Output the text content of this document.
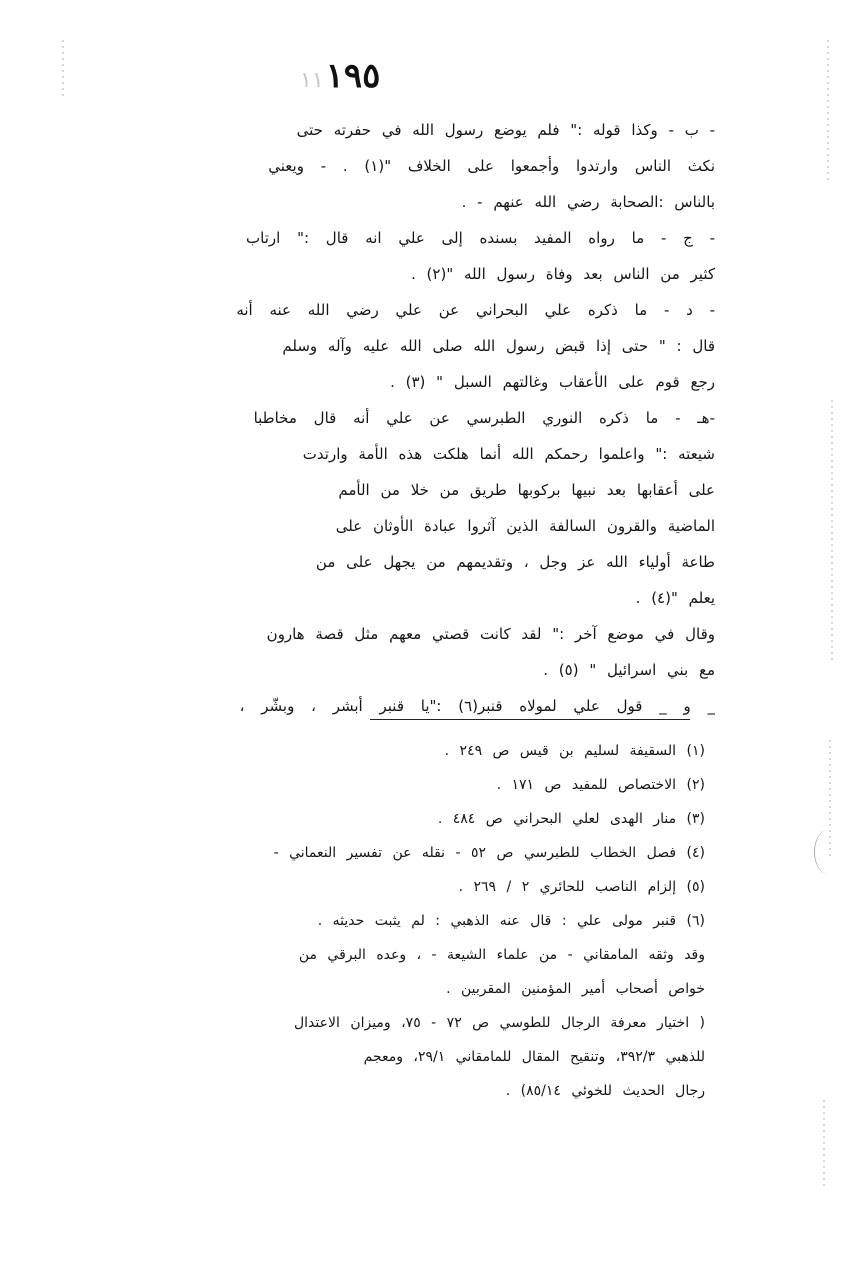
١١١٩٥
- ب - وكذا قوله :" فلم يوضع رسول الله في حفرته حتى
نكث الناس وارتدوا وأجمعوا على الخلاف "(١) . - ويعني
بالناس :الصحابة رضي الله عنهم - .
- ج - ما رواه المفيد بسنده إلى علي انه قال :" ارتاب
كثير من الناس بعد وفاة رسول الله "(٢) .
- د - ما ذكره علي البحراني عن علي رضي الله عنه أنه
قال : " حتى إذا قبض رسول الله صلى الله عليه وآله وسلم
رجع قوم على الأعقاب وغالتهم السبل " (٣) .
-هـ - ما ذكره النوري الطبرسي عن علي أنه قال مخاطبا
شيعته :" واعلموا رحمكم الله أنما هلكت هذه الأمة وارتدت
على أعقابها بعد نبيها بركوبها طريق من خلا من الأمم
الماضية والقرون السالفة الذين آثروا عبادة الأوثان على
طاعة أولياء الله عز وجل ، وتقديمهم من يجهل على من
يعلم "(٤) .
وقال في موضع آخر :" لقد كانت قصتي معهم مثل قصة هارون
مع بني اسرائيل " (٥) .
_ و _ قول علي لمولاه قنبر(٦) :"يا قنبر أبشر ، وبشّر ،
(١) السقيفة لسليم بن قيس ص ٢٤٩ .
(٢) الاختصاص للمفيد ص ١٧١ .
(٣) منار الهدى لعلي البحراني ص ٤٨٤ .
(٤) فصل الخطاب للطبرسي ص ٥٢ - نقله عن تفسير النعماني -
(٥) إلزام الناصب للحائري ٢ / ٢٦٩ .
(٦) قنبر مولى علي : قال عنه الذهبي : لم يثبت حديثه .
وقد وثقه المامقاني - من علماء الشيعة - ، وعده البرقي من
خواص أصحاب أمير المؤمنين المقربين .
( اختيار معرفة الرجال للطوسي ص ٧٢ - ٧٥، وميزان الاعتدال
للذهبي ٣٩٢/٣، وتنقيح المقال للمامقاني ٢٩/١، ومعجم
رجال الحديث للخوئي ٨٥/١٤) .
